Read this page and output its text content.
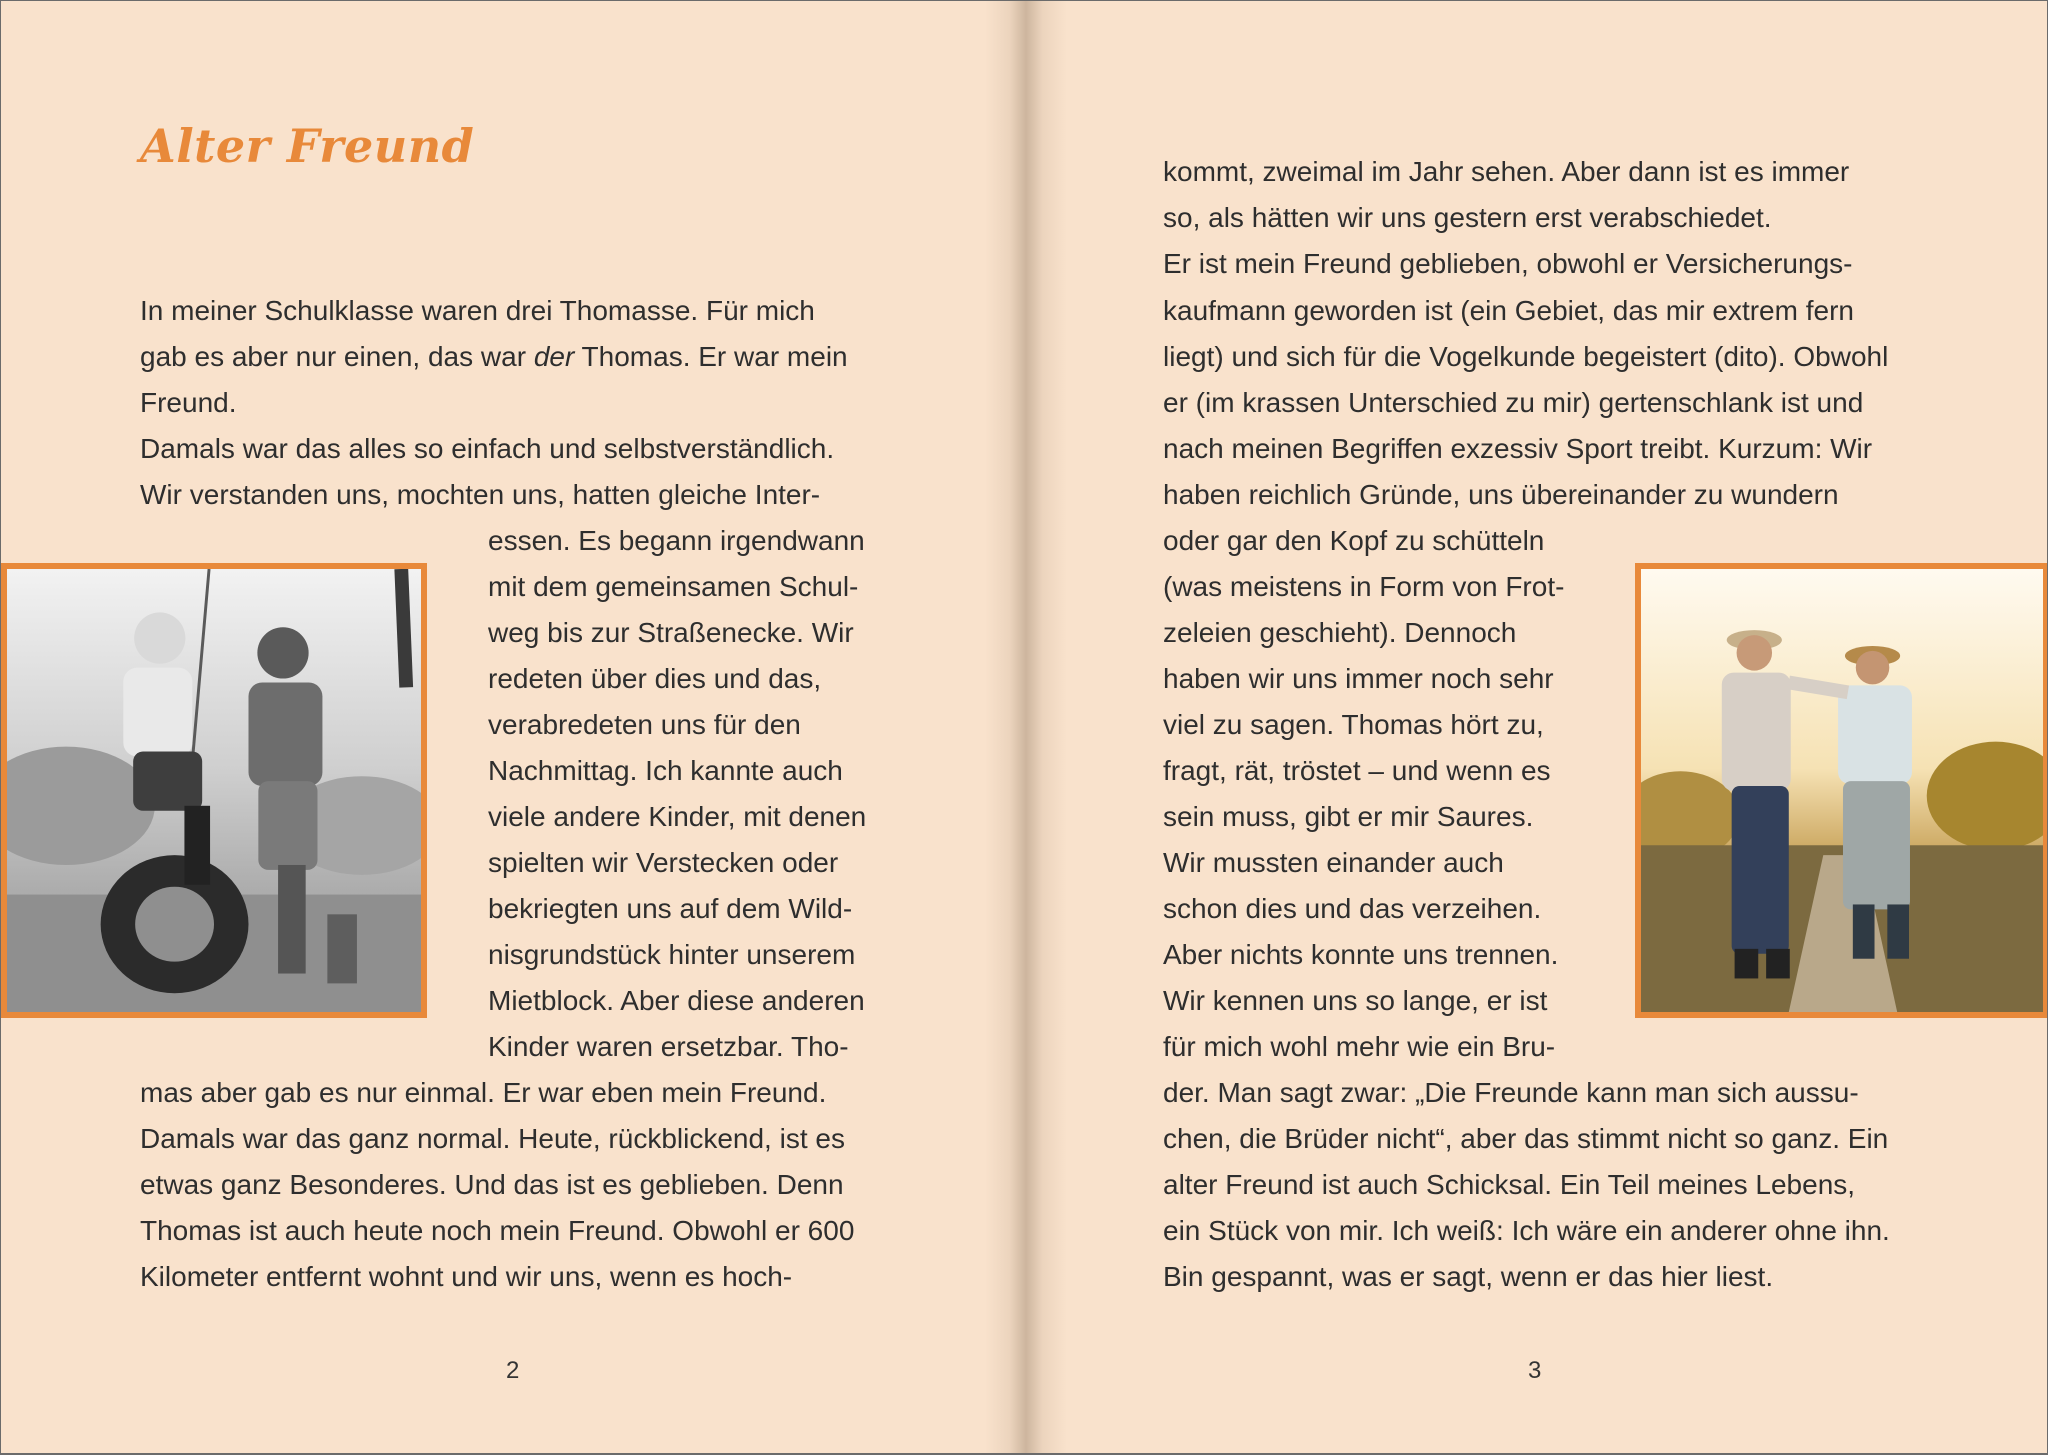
Alter Freund
In meiner Schulklasse waren drei Thomasse. Für mich
gab es aber nur einen, das war der Thomas. Er war mein
Freund.
Damals war das alles so einfach und selbstverständlich.
Wir verstanden uns, mochten uns, hatten gleiche Inter-
essen. Es begann irgendwann
mit dem gemeinsamen Schul-
weg bis zur Straßenecke. Wir
redeten über dies und das,
verabredeten uns für den
Nachmittag. Ich kannte auch
viele andere Kinder, mit denen
spielten wir Verstecken oder
bekriegten uns auf dem Wild-
nisgrundstück hinter unserem
Mietblock. Aber diese anderen
Kinder waren ersetzbar. Tho-
mas aber gab es nur einmal. Er war eben mein Freund.
Damals war das ganz normal. Heute, rückblickend, ist es
etwas ganz Besonderes. Und das ist es geblieben. Denn
Thomas ist auch heute noch mein Freund. Obwohl er 600
Kilometer entfernt wohnt und wir uns, wenn es hoch-
2
kommt, zweimal im Jahr sehen. Aber dann ist es immer
so, als hätten wir uns gestern erst verabschiedet.
Er ist mein Freund geblieben, obwohl er Versicherungs-
kaufmann geworden ist (ein Gebiet, das mir extrem fern
liegt) und sich für die Vogelkunde begeistert (dito). Obwohl
er (im krassen Unterschied zu mir) gertenschlank ist und
nach meinen Begriffen exzessiv Sport treibt. Kurzum: Wir
haben reichlich Gründe, uns übereinander zu wundern
oder gar den Kopf zu schütteln
(was meistens in Form von Frot-
zeleien geschieht). Dennoch
haben wir uns immer noch sehr
viel zu sagen. Thomas hört zu,
fragt, rät, tröstet – und wenn es
sein muss, gibt er mir Saures.
Wir mussten einander auch
schon dies und das verzeihen.
Aber nichts konnte uns trennen.
Wir kennen uns so lange, er ist
für mich wohl mehr wie ein Bru-
der. Man sagt zwar: „Die Freunde kann man sich aussu-
chen, die Brüder nicht“, aber das stimmt nicht so ganz. Ein
alter Freund ist auch Schicksal. Ein Teil meines Lebens,
ein Stück von mir. Ich weiß: Ich wäre ein anderer ohne ihn.
Bin gespannt, was er sagt, wenn er das hier liest.
3
